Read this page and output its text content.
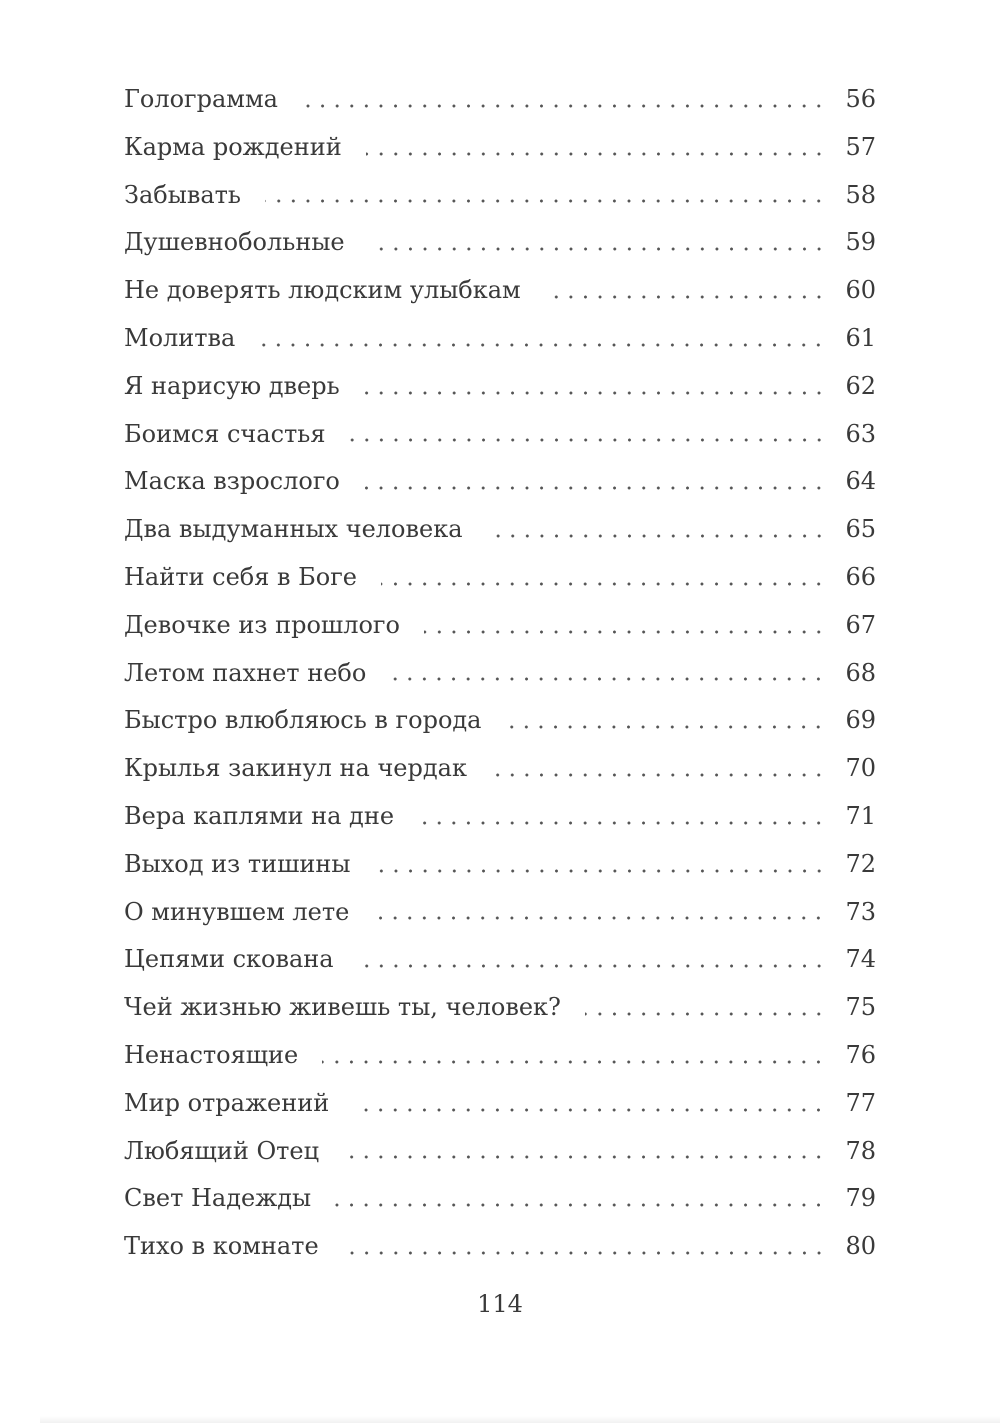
Голограмма	56
Карма рождений	57
Забывать	58
Душевнобольные	59
Не доверять людским улыбкам	60
Молитва	61
Я нарисую дверь	62
Боимся счастья	63
Маска взрослого	64
Два выдуманных человека	65
Найти себя в Боге	66
Девочке из прошлого	67
Летом пахнет небо	68
Быстро влюбляюсь в города	69
Крылья закинул на чердак	70
Вера каплями на дне	71
Выход из тишины	72
О минувшем лете	73
Цепями скована	74
Чей жизнью живешь ты, человек?	75
Ненастоящие	76
Мир отражений	77
Любящий Отец	78
Свет Надежды	79
Тихо в комнате	80
114
